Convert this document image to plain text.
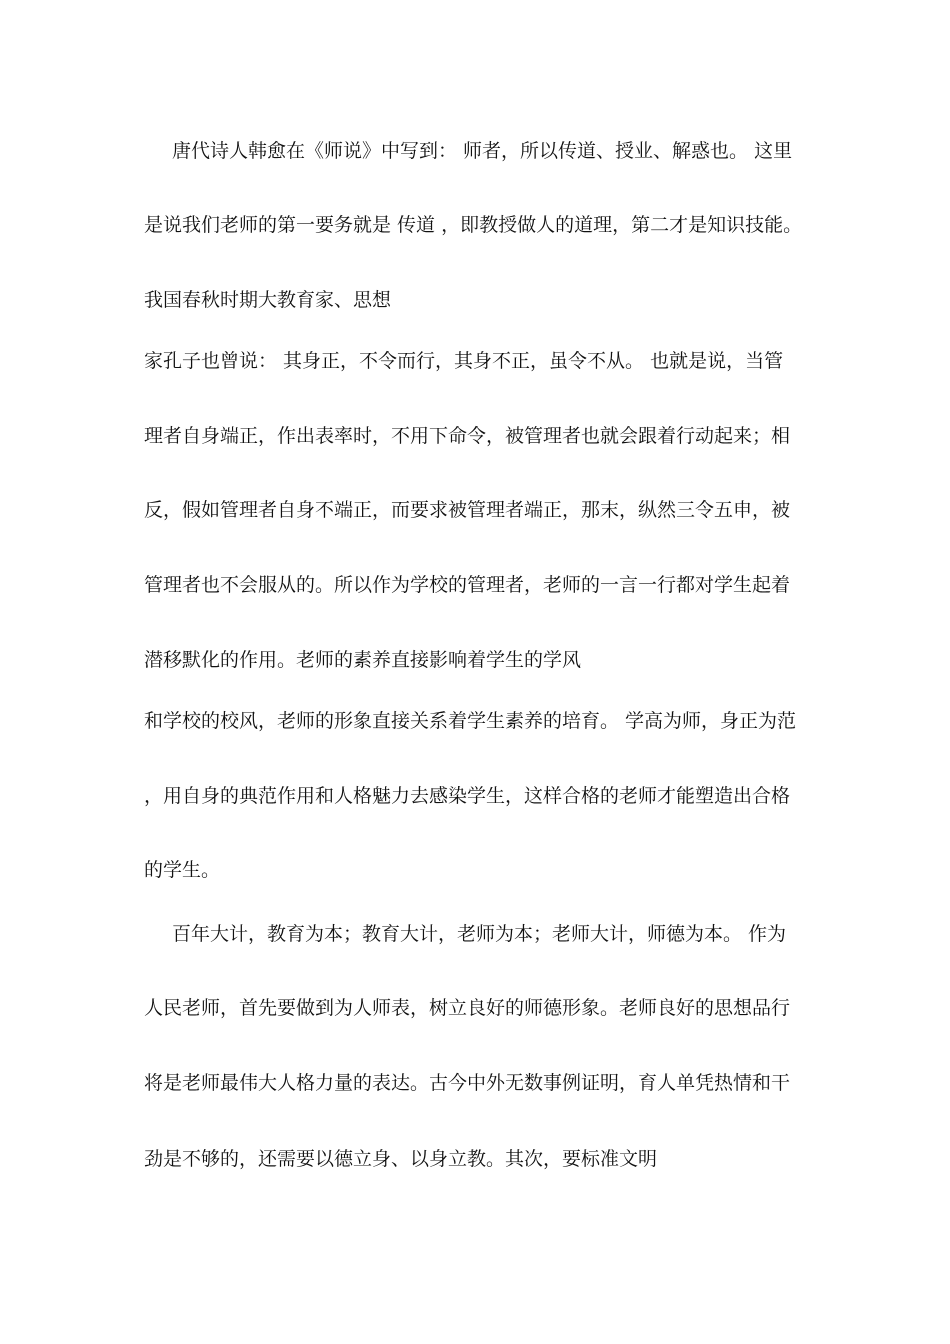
唐代诗人韩愈在《师说》中写到： 师者，所以传道、授业、解惑也。 这里
是说我们老师的第一要务就是 传道 ，即教授做人的道理，第二才是知识技能。
我国春秋时期大教育家、思想
家孔子也曾说： 其身正，不令而行，其身不正，虽令不从。 也就是说，当管
理者自身端正，作出表率时，不用下命令，被管理者也就会跟着行动起来；相
反，假如管理者自身不端正，而要求被管理者端正，那末，纵然三令五申，被
管理者也不会服从的。所以作为学校的管理者，老师的一言一行都对学生起着
潜移默化的作用。老师的素养直接影响着学生的学风
和学校的校风，老师的形象直接关系着学生素养的培育。 学高为师，身正为范
，用自身的典范作用和人格魅力去感染学生，这样合格的老师才能塑造出合格
的学生。
百年大计，教育为本；教育大计，老师为本；老师大计，师德为本。 作为
人民老师，首先要做到为人师表，树立良好的师德形象。老师良好的思想品行
将是老师最伟大人格力量的表达。古今中外无数事例证明，育人单凭热情和干
劲是不够的，还需要以德立身、以身立教。其次，要标准文明
